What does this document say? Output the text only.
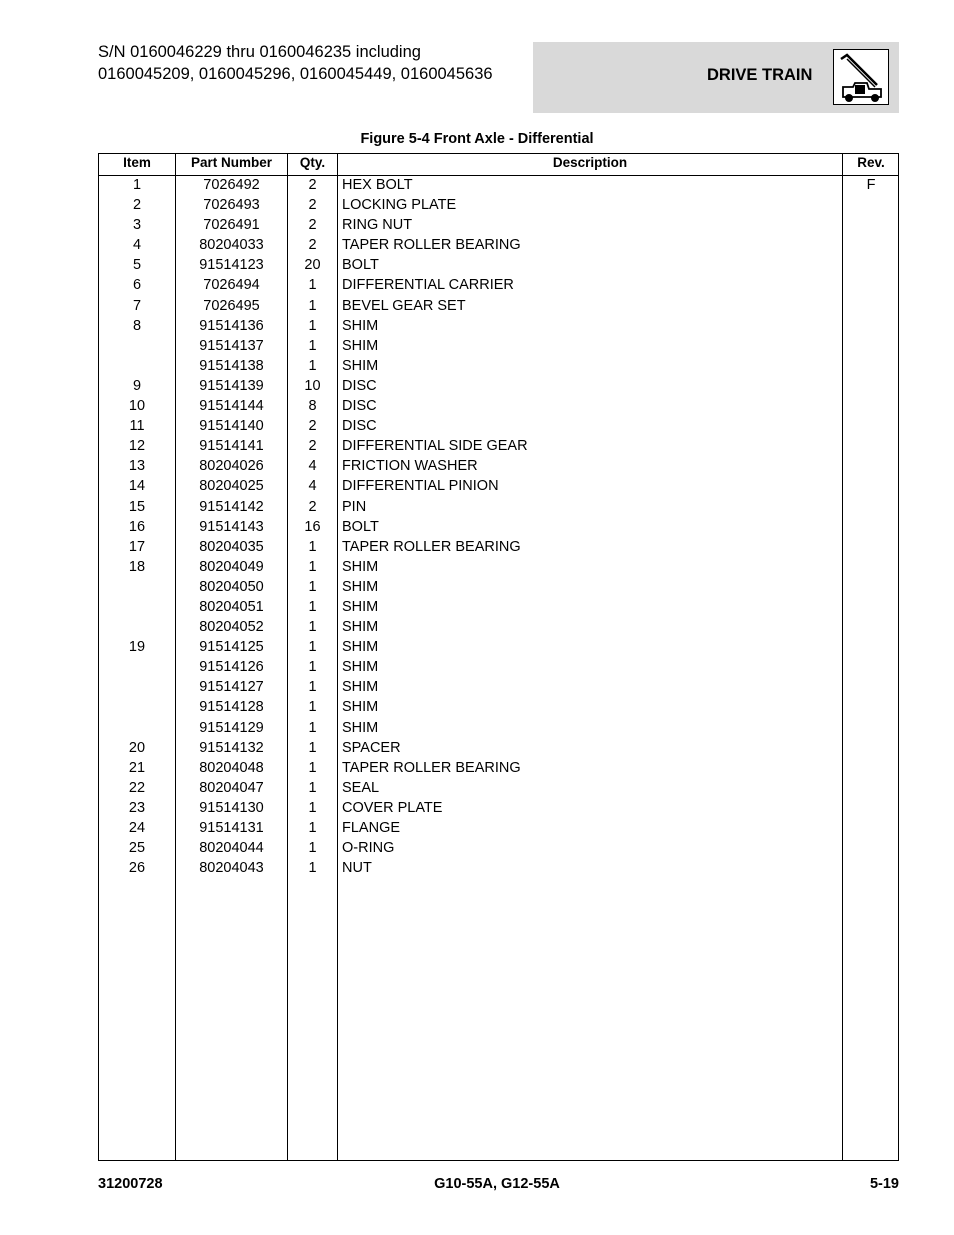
S/N 0160046229 thru 0160046235 including
0160045209, 0160045296, 0160045449, 0160045636	DRIVE TRAIN
Figure 5-4 Front Axle - Differential
Item	Part Number	Qty.	Description	Rev.
1	7026492	2	HEX BOLT	F
2	7026493	2	LOCKING PLATE
3	7026491	2	RING NUT
4	80204033	2	TAPER ROLLER BEARING
5	91514123	20	BOLT
6	7026494	1	DIFFERENTIAL CARRIER
7	7026495	1	BEVEL GEAR SET
8	91514136	1	SHIM
91514137	1	SHIM
91514138	1	SHIM
9	91514139	10	DISC
10	91514144	8	DISC
11	91514140	2	DISC
12	91514141	2	DIFFERENTIAL SIDE GEAR
13	80204026	4	FRICTION WASHER
14	80204025	4	DIFFERENTIAL PINION
15	91514142	2	PIN
16	91514143	16	BOLT
17	80204035	1	TAPER ROLLER BEARING
18	80204049	1	SHIM
80204050	1	SHIM
80204051	1	SHIM
80204052	1	SHIM
19	91514125	1	SHIM
91514126	1	SHIM
91514127	1	SHIM
91514128	1	SHIM
91514129	1	SHIM
20	91514132	1	SPACER
21	80204048	1	TAPER ROLLER BEARING
22	80204047	1	SEAL
23	91514130	1	COVER PLATE
24	91514131	1	FLANGE
25	80204044	1	O-RING
26	80204043	1	NUT
31200728	G10-55A, G12-55A	5-19
